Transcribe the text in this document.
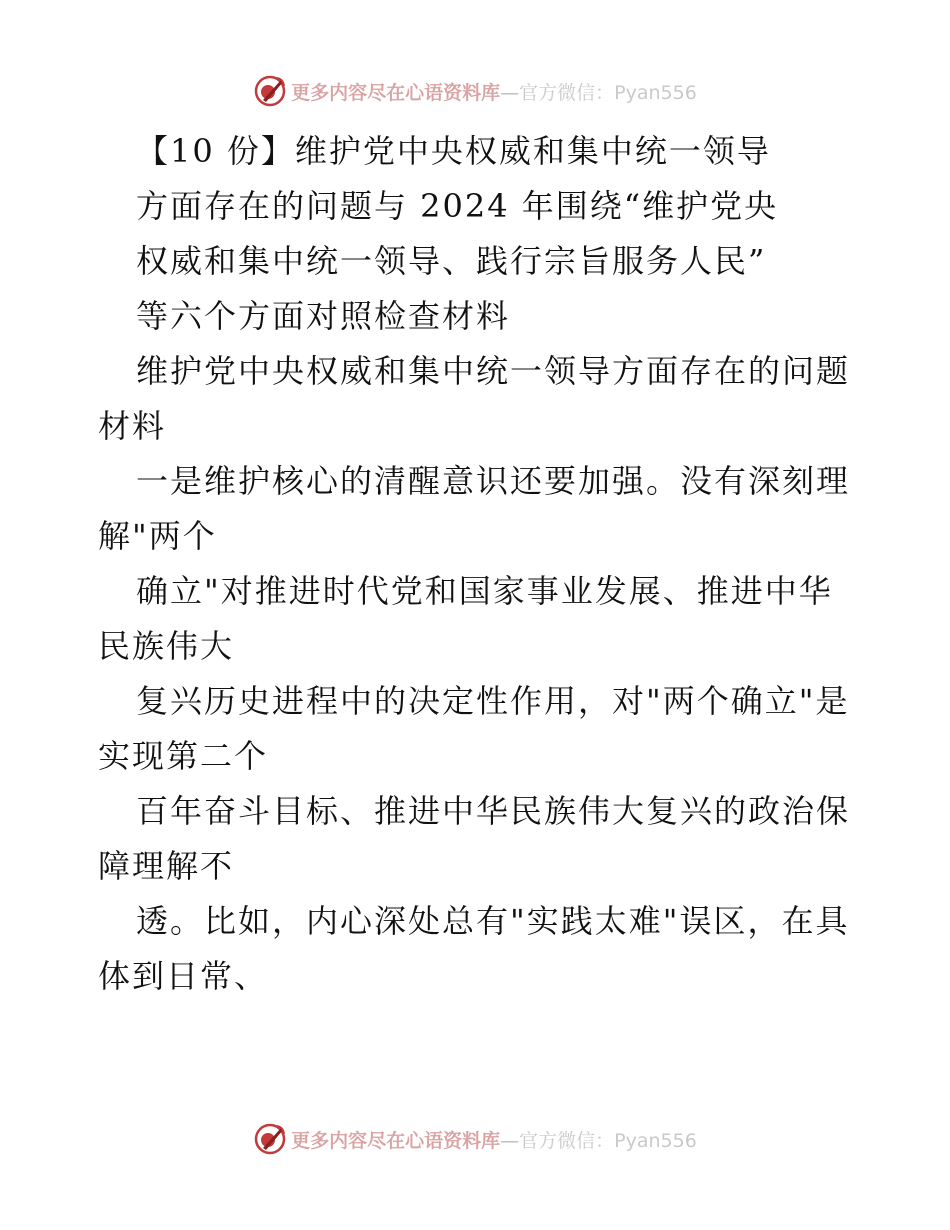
更多内容尽在心语资料库—官方微信：Pyan556
【10 份】维护党中央权威和集中统一领导
方面存在的问题与 2024 年围绕“维护党央
权威和集中统一领导、践行宗旨服务人民”
等六个方面对照检查材料
维护党中央权威和集中统一领导方面存在的问题
材料
一是维护核心的清醒意识还要加强。没有深刻理
解"两个
确立"对推进时代党和国家事业发展、推进中华
民族伟大
复兴历史进程中的决定性作用，对"两个确立"是
实现第二个
百年奋斗目标、推进中华民族伟大复兴的政治保
障理解不
透。比如，内心深处总有"实践太难"误区，在具
体到日常、
更多内容尽在心语资料库—官方微信：Pyan556
